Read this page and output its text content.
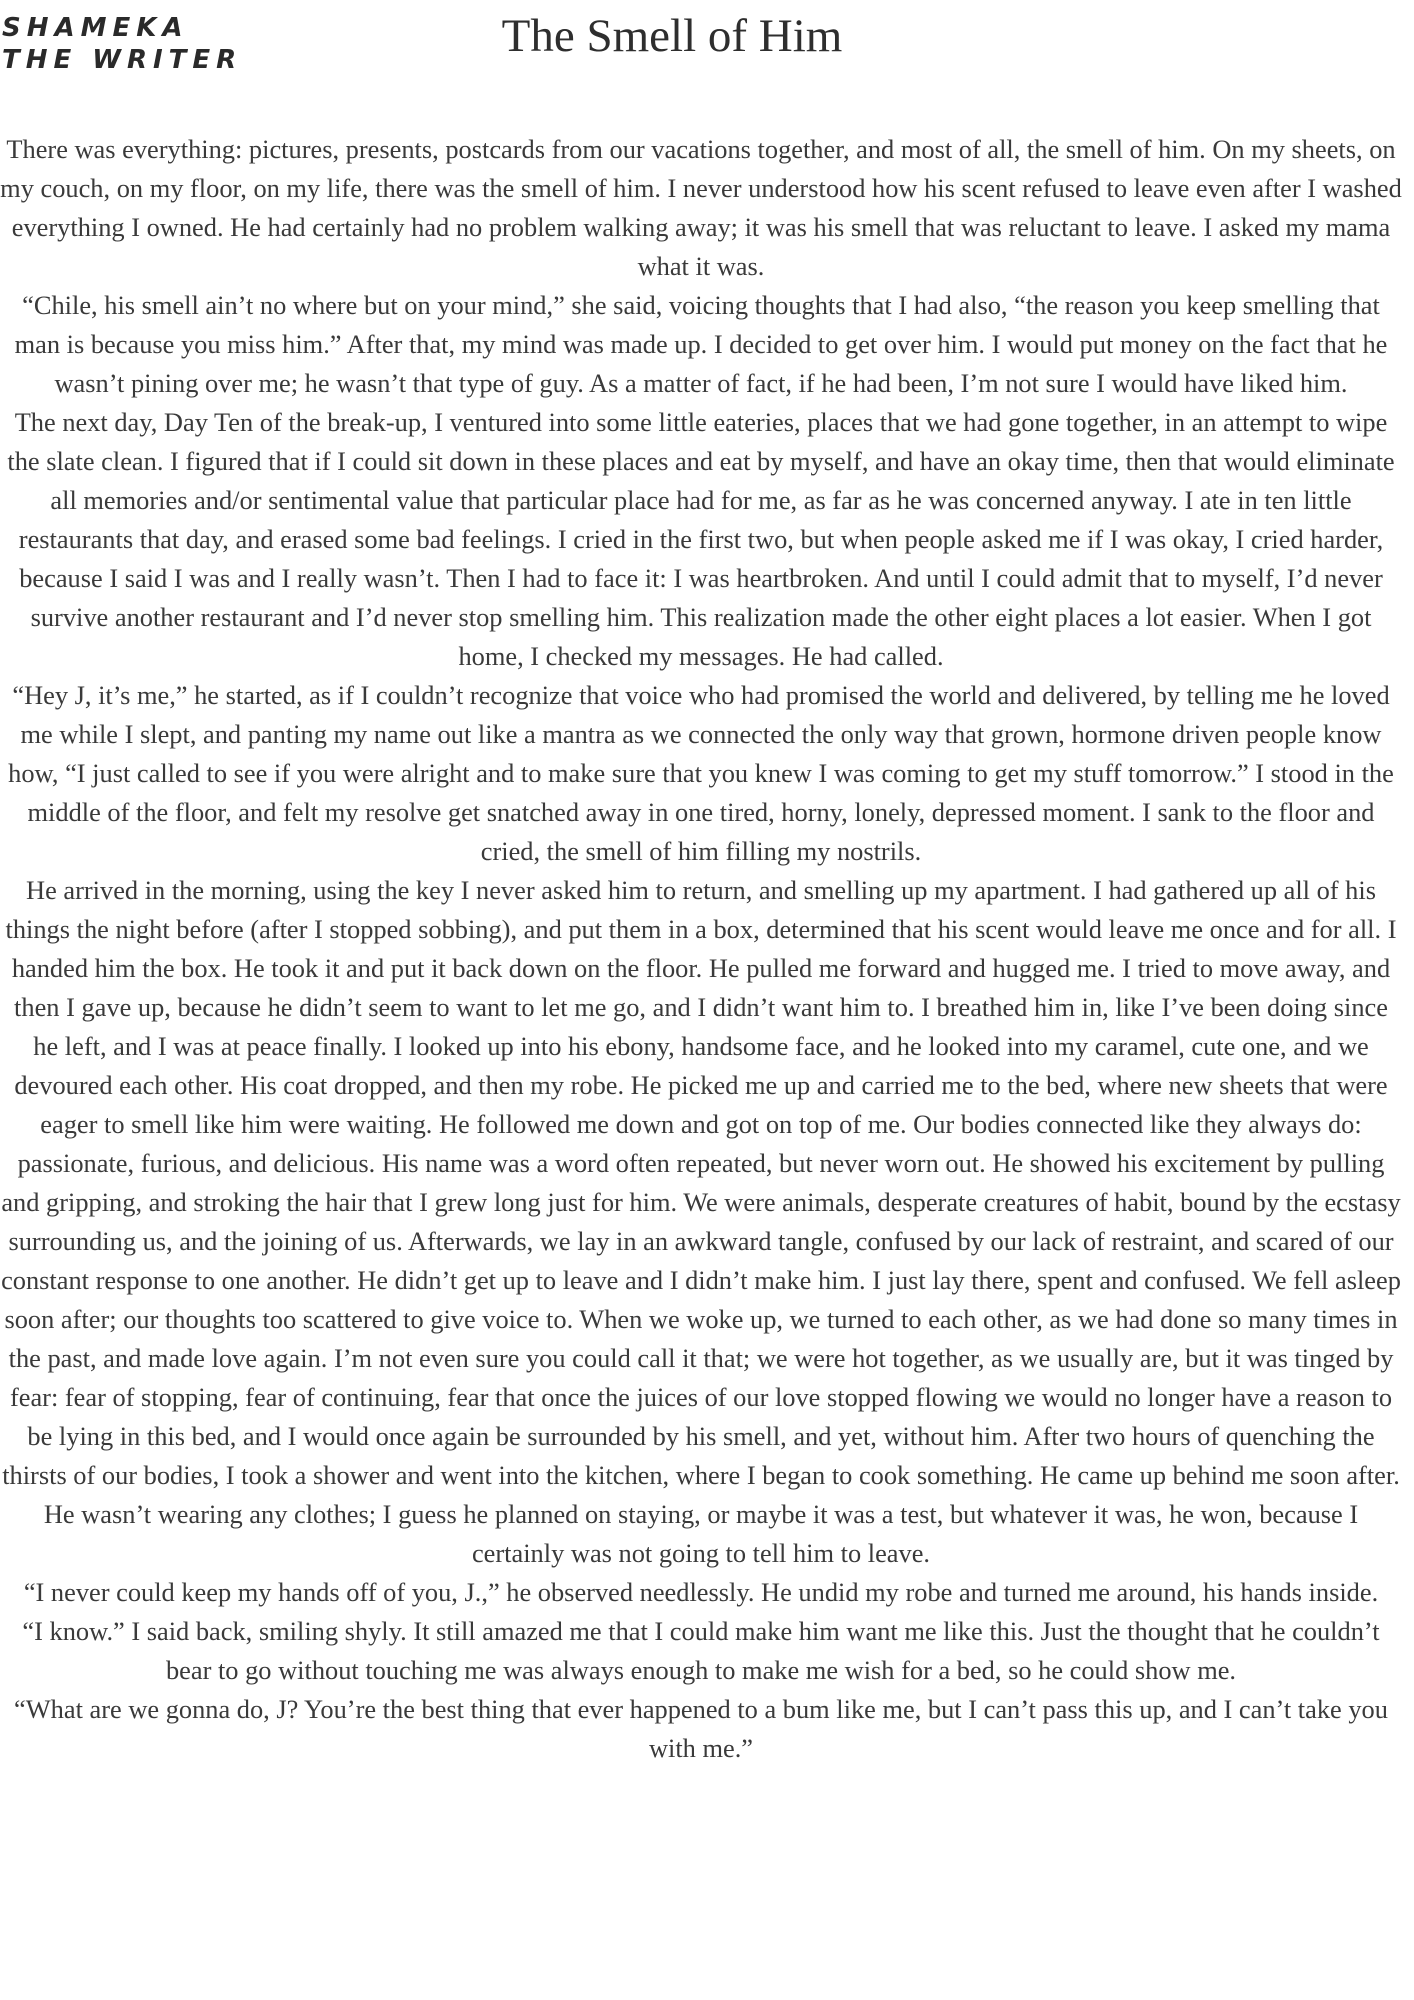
SHAMEKA THE WRITER	The Smell of Him

There was everything: pictures, presents, postcards from our vacations together, and most of all, the smell of him. On my sheets, on my couch, on my floor, on my life, there was the smell of him. I never understood how his scent refused to leave even after I washed everything I owned. He had certainly had no problem walking away; it was his smell that was reluctant to leave. I asked my mama what it was.

“Chile, his smell ain’t no where but on your mind,” she said, voicing thoughts that I had also, “the reason you keep smelling that man is because you miss him.” After that, my mind was made up. I decided to get over him. I would put money on the fact that he wasn’t pining over me; he wasn’t that type of guy. As a matter of fact, if he had been, I’m not sure I would have liked him.

The next day, Day Ten of the break-up, I ventured into some little eateries, places that we had gone together, in an attempt to wipe the slate clean. I figured that if I could sit down in these places and eat by myself, and have an okay time, then that would eliminate all memories and/or sentimental value that particular place had for me, as far as he was concerned anyway. I ate in ten little restaurants that day, and erased some bad feelings. I cried in the first two, but when people asked me if I was okay, I cried harder, because I said I was and I really wasn’t. Then I had to face it: I was heartbroken. And until I could admit that to myself, I’d never survive another restaurant and I’d never stop smelling him. This realization made the other eight places a lot easier. When I got home, I checked my messages. He had called.

“Hey J, it’s me,” he started, as if I couldn’t recognize that voice who had promised the world and delivered, by telling me he loved me while I slept, and panting my name out like a mantra as we connected the only way that grown, hormone driven people know how, “I just called to see if you were alright and to make sure that you knew I was coming to get my stuff tomorrow.” I stood in the middle of the floor, and felt my resolve get snatched away in one tired, horny, lonely, depressed moment. I sank to the floor and cried, the smell of him filling my nostrils.

He arrived in the morning, using the key I never asked him to return, and smelling up my apartment. I had gathered up all of his things the night before (after I stopped sobbing), and put them in a box, determined that his scent would leave me once and for all. I handed him the box. He took it and put it back down on the floor. He pulled me forward and hugged me. I tried to move away, and then I gave up, because he didn’t seem to want to let me go, and I didn’t want him to. I breathed him in, like I’ve been doing since he left, and I was at peace finally. I looked up into his ebony, handsome face, and he looked into my caramel, cute one, and we devoured each other. His coat dropped, and then my robe. He picked me up and carried me to the bed, where new sheets that were eager to smell like him were waiting. He followed me down and got on top of me. Our bodies connected like they always do: passionate, furious, and delicious. His name was a word often repeated, but never worn out. He showed his excitement by pulling and gripping, and stroking the hair that I grew long just for him. We were animals, desperate creatures of habit, bound by the ecstasy surrounding us, and the joining of us. Afterwards, we lay in an awkward tangle, confused by our lack of restraint, and scared of our constant response to one another. He didn’t get up to leave and I didn’t make him. I just lay there, spent and confused. We fell asleep soon after; our thoughts too scattered to give voice to. When we woke up, we turned to each other, as we had done so many times in the past, and made love again. I’m not even sure you could call it that; we were hot together, as we usually are, but it was tinged by fear: fear of stopping, fear of continuing, fear that once the juices of our love stopped flowing we would no longer have a reason to be lying in this bed, and I would once again be surrounded by his smell, and yet, without him. After two hours of quenching the thirsts of our bodies, I took a shower and went into the kitchen, where I began to cook something. He came up behind me soon after. He wasn’t wearing any clothes; I guess he planned on staying, or maybe it was a test, but whatever it was, he won, because I certainly was not going to tell him to leave.

“I never could keep my hands off of you, J.,” he observed needlessly. He undid my robe and turned me around, his hands inside.

“I know.” I said back, smiling shyly. It still amazed me that I could make him want me like this. Just the thought that he couldn’t bear to go without touching me was always enough to make me wish for a bed, so he could show me.

“What are we gonna do, J? You’re the best thing that ever happened to a bum like me, but I can’t pass this up, and I can’t take you with me.”
